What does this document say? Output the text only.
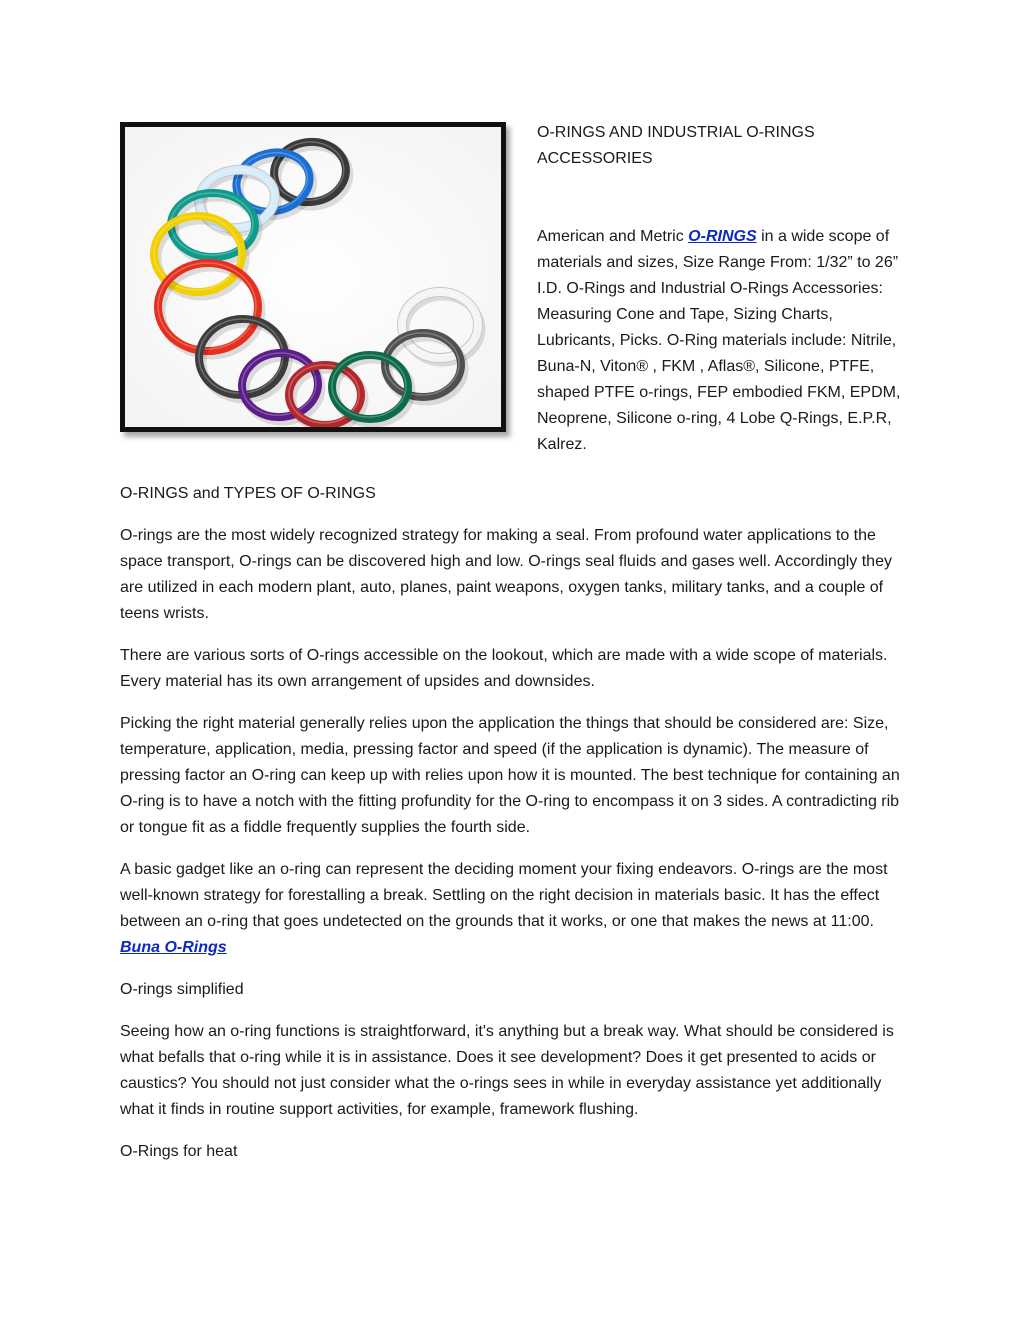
O-RINGS AND INDUSTRIAL O-RINGS
ACCESSORIES

American and Metric O-RINGS in a wide scope of materials and sizes, Size Range From: 1/32” to 26” I.D. O-Rings and Industrial O-Rings Accessories: Measuring Cone and Tape, Sizing Charts, Lubricants, Picks. O-Ring materials include: Nitrile, Buna-N, Viton® , FKM , Aflas®, Silicone, PTFE, shaped PTFE o-rings, FEP embodied FKM, EPDM, Neoprene, Silicone o-ring, 4 Lobe Q-Rings, E.P.R, Kalrez.

O-RINGS and TYPES OF O-RINGS

O-rings are the most widely recognized strategy for making a seal. From profound water applications to the space transport, O-rings can be discovered high and low. O-rings seal fluids and gases well. Accordingly they are utilized in each modern plant, auto, planes, paint weapons, oxygen tanks, military tanks, and a couple of teens wrists.

There are various sorts of O-rings accessible on the lookout, which are made with a wide scope of materials. Every material has its own arrangement of upsides and downsides.

Picking the right material generally relies upon the application the things that should be considered are: Size, temperature, application, media, pressing factor and speed (if the application is dynamic). The measure of pressing factor an O-ring can keep up with relies upon how it is mounted. The best technique for containing an O-ring is to have a notch with the fitting profundity for the O-ring to encompass it on 3 sides. A contradicting rib or tongue fit as a fiddle frequently supplies the fourth side.

A basic gadget like an o-ring can represent the deciding moment your fixing endeavors. O-rings are the most well-known strategy for forestalling a break. Settling on the right decision in materials basic. It has the effect between an o-ring that goes undetected on the grounds that it works, or one that makes the news at 11:00. Buna O-Rings

O-rings simplified

Seeing how an o-ring functions is straightforward, it's anything but a break way. What should be considered is what befalls that o-ring while it is in assistance. Does it see development? Does it get presented to acids or caustics? You should not just consider what the o-rings sees in while in everyday assistance yet additionally what it finds in routine support activities, for example, framework flushing.

O-Rings for heat
